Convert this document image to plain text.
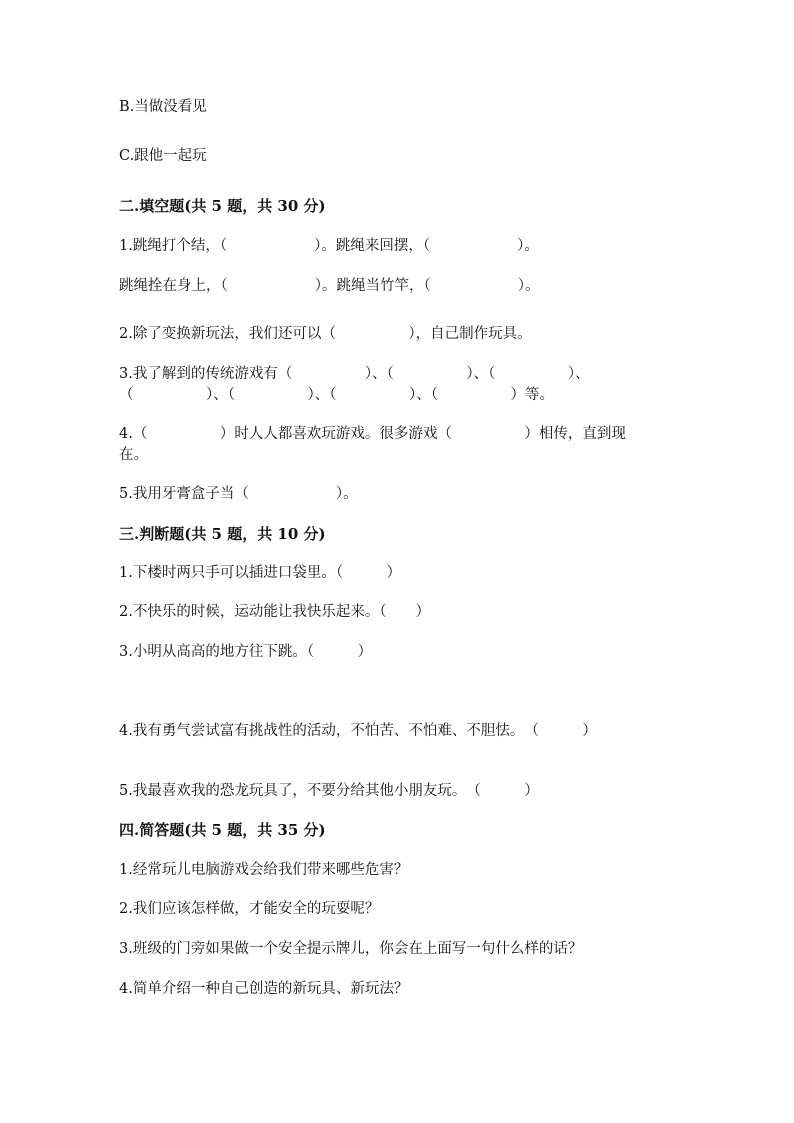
B.当做没看见
C.跟他一起玩
二.填空题(共 5 题，共 30 分)
1.跳绳打个结，（　　　　　　）。跳绳来回摆，（　　　　　　）。
跳绳拴在身上，（　　　　　　）。跳绳当竹竿，（　　　　　　）。
2.除了变换新玩法，我们还可以（　　　　　），自己制作玩具。
3.我了解到的传统游戏有（　　　　　）、（　　　　　）、（　　　　　）、
（　　　　　）、（　　　　　）、（　　　　　）、（　　　　　）等。
4.（　　　　　）时人人都喜欢玩游戏。很多游戏（　　　　　）相传，直到现
在。
5.我用牙膏盒子当（　　　　　　）。
三.判断题(共 5 题，共 10 分)
1.下楼时两只手可以插进口袋里。（　　　）
2.不快乐的时候，运动能让我快乐起来。（　　）
3.小明从高高的地方往下跳。（　　　）
4.我有勇气尝试富有挑战性的活动，不怕苦、不怕难、不胆怯。　（　　　）
5.我最喜欢我的恐龙玩具了，不要分给其他小朋友玩。　（　　　）
四.简答题(共 5 题，共 35 分)
1.经常玩儿电脑游戏会给我们带来哪些危害？
2.我们应该怎样做，才能安全的玩耍呢？
3.班级的门旁如果做一个安全提示牌儿，你会在上面写一句什么样的话？
4.简单介绍一种自己创造的新玩具、新玩法？
